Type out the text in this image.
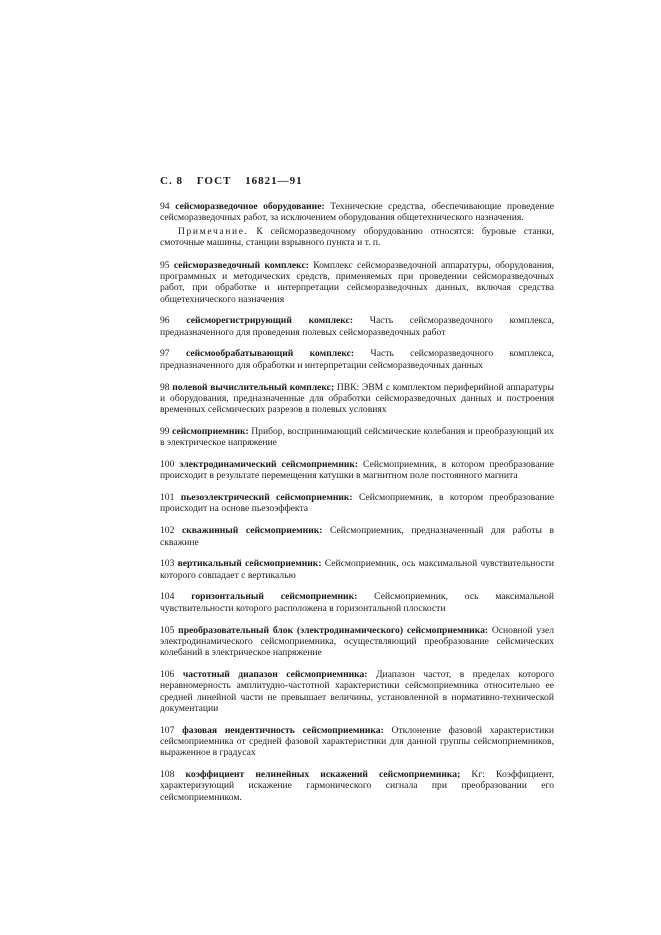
С. 8 ГОСТ 16821—91

94 сейсморазведочное оборудование: Технические средства, обеспечивающие проведение сейсморазведочных работ, за исключением оборудования общетехнического назначения.

Примечание. К сейсморазведочному оборудованию относятся: буровые станки, смоточные машины, станции взрывного пункта и т. п.

95 сейсморазведочный комплекс: Комплекс сейсморазведочной аппаратуры, оборудования, программных и методических средств, применяемых при проведении сейсморазведочных работ, при обработке и интерпретации сейсморазведочных данных, включая средства общетехнического назначения

96 сейсморегистрирующий комплекс: Часть сейсморазведочного комплекса, предназначенного для проведения полевых сейсморазведочных работ

97 сейсмообрабатывающий комплекс: Часть сейсморазведочного комплекса, предназначенного для обработки и интерпретации сейсморазведочных данных

98 полевой вычислительный комплекс; ПВК: ЭВМ с комплектом периферийной аппаратуры и оборудования, предназначенные для обработки сейсморазведочных данных и построения временных сейсмических разрезов в полевых условиях

99 сейсмоприемник: Прибор, воспринимающий сейсмические колебания и преобразующий их в электрическое напряжение

100 электродинамический сейсмоприемник: Сейсмоприемник, в котором преобразование происходит в результате перемещения катушки в магнитном поле постоянного магнита

101 пьезоэлектрический сейсмоприемник: Сейсмоприемник, в котором преобразование происходит на основе пьезоэффекта

102 скважинный сейсмоприемник: Сейсмоприемник, предназначенный для работы в скважине

103 вертикальный сейсмоприемник: Сейсмоприемник, ось максимальной чувствительности которого совпадает с вертикалью

104 горизонтальный сейсмоприемник: Сейсмоприемник, ось максимальной чувствительности которого расположена в горизонтальной плоскости

105 преобразовательный блок (электродинамического) сейсмоприемника: Основной узел электродинамического сейсмоприемника, осуществляющий преобразование сейсмических колебаний в электрическое напряжение

106 частотный диапазон сейсмоприемника: Диапазон частот, в пределах которого неравномерность амплитудно-частотной характеристики сейсмоприемника относительно ее средней линейной части не превышает величины, установленной в нормативно-технической документации

107 фазовая неидентичность сейсмоприемника: Отклонение фазовой характеристики сейсмоприемника от средней фазовой характеристики для данной группы сейсмоприемников, выраженное в градусах

108 коэффициент нелинейных искажений сейсмоприемника; Kг: Коэффициент, характеризующий искажение гармонического сигнала при преобразовании его сейсмоприемником.
